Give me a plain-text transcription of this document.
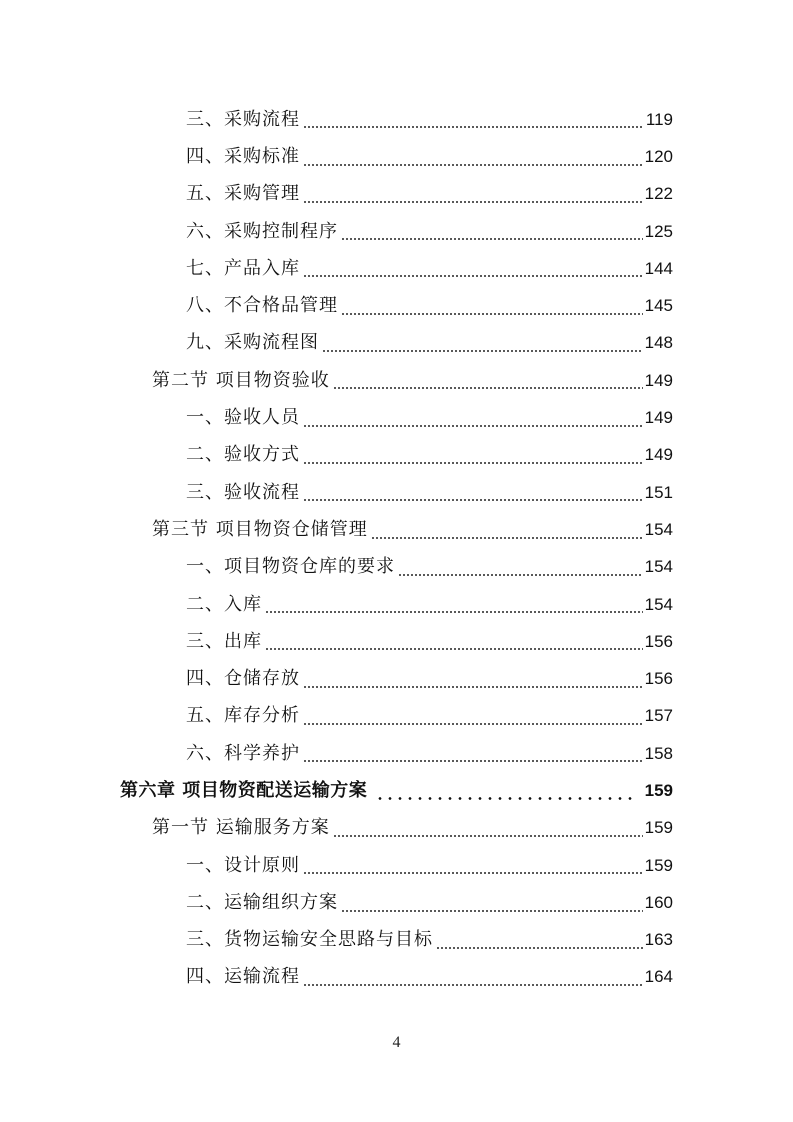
三、采购流程	119
四、采购标准	120
五、采购管理	122
六、采购控制程序	125
七、产品入库	144
八、不合格品管理	145
九、采购流程图	148
第二节 项目物资验收	149
一、验收人员	149
二、验收方式	149
三、验收流程	151
第三节 项目物资仓储管理	154
一、项目物资仓库的要求	154
二、入库	154
三、出库	156
四、仓储存放	156
五、库存分析	157
六、科学养护	158
第六章 项目物资配送运输方案	159
第一节 运输服务方案	159
一、设计原则	159
二、运输组织方案	160
三、货物运输安全思路与目标	163
四、运输流程	164
4
